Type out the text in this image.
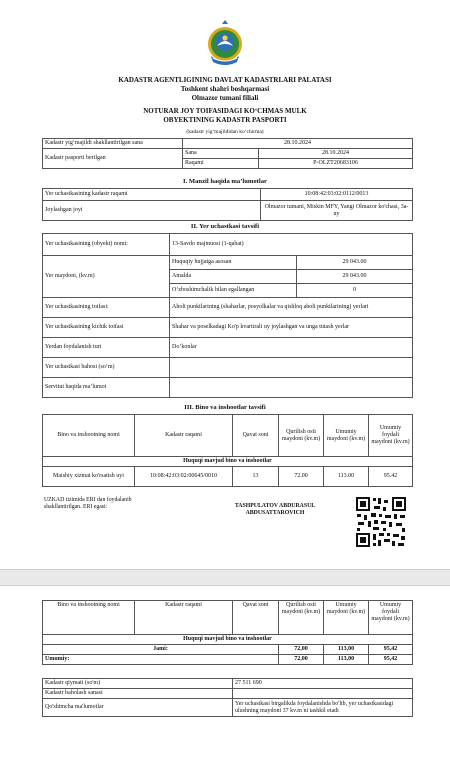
KADASTR AGENTLIGINING DAVLAT KADASTRLARI PALATASI
Toshkent shahri boshqarmasi
Olmazor tumani filiali
NOTURAR JOY TOIFASIDAGI KO‘CHMAS MULK
OBYEKTINING KADASTR PASPORTI
(kadastr yig‘majildidan ko‘chirma)
Kadastr yig‘majildi shakllantirilgan sana	28.10.2024	
Kadastr pasporti berilgan	Sana	28.10.2024
	Raqami	P-OLZT20683106
I. Manzil haqida ma’lumotlar
Yer uchastkasining kadastr raqami	10:08:42:03:02:0112/0013
Joylashgan joyi	Olmazor tumani, Miskin MFY, Yangi Olmazor ko'chasi, 3a-uy
II. Yer uchastkasi tavsifi
Yer uchastkasining (obyekt) nomi:	13-Savdo majmuosi (1-qabat)	
Yer maydoni, (kv.m)	Huquqiy hujjatga asosan	29 043.00
	Amalda	29 043.00
	O‘zboshimchalik bilan egallangan	0
Yer uchastkasining toifasi:	Aholi punktlarining (shaharlar, posyolkalar va qishloq aholi punktlarining) yerlari	
Yer uchastkasining kichik toifasi	Shahar va poselkadagi Ko'p kvartirali uy joylashgan va unga tutash yerlar	
Yerdan foydalanish turi	Do’konlar	
Yer uchastkasi bahosi (so‘m)		
Servitut haqida ma’lumot		
III. Bino va inshootlar tavsifi
Bino va inshootning nomi	Kadastr raqami	Qavat soni	Qurilish osti maydoni (kv.m)	Umumiy maydoni (kv.m)	Umumiy foydali maydoni (kv.m)
Huquqi mavjud bino va inshootlar					
Maishiy xizmat ko'rsatish uyi	10:08:42:03:02:00645/0010	13	72.00	113.00	95.42
UZKAD tizimida ERI dan foydalanib shakllantirilgan. ERI egasi:	TASHPULATOV ABDURASUL
ABDUSATTAROVICH
Bino va inshootning nomi	Kadastr raqami	Qavat soni	Qurilish osti maydoni (kv.m)	Umumiy maydoni (kv.m)	Umumiy foydali maydoni (kv.m)
Huquqi mavjud bino va inshootlar					
Jami:			72,00	113,00	95,42
Umumiy:			72,00	113,00	95,42
Kadastr qiymati (so'm)	27 511 690
Kadastr baholash sanasi	
Qo'shimcha ma'lumotlar	Yer uchastkasi birgalikda foydalanishda bo'lib, yer uchastkasidagi ulushning maydoni 37 kv.m ni tashkil etadi
